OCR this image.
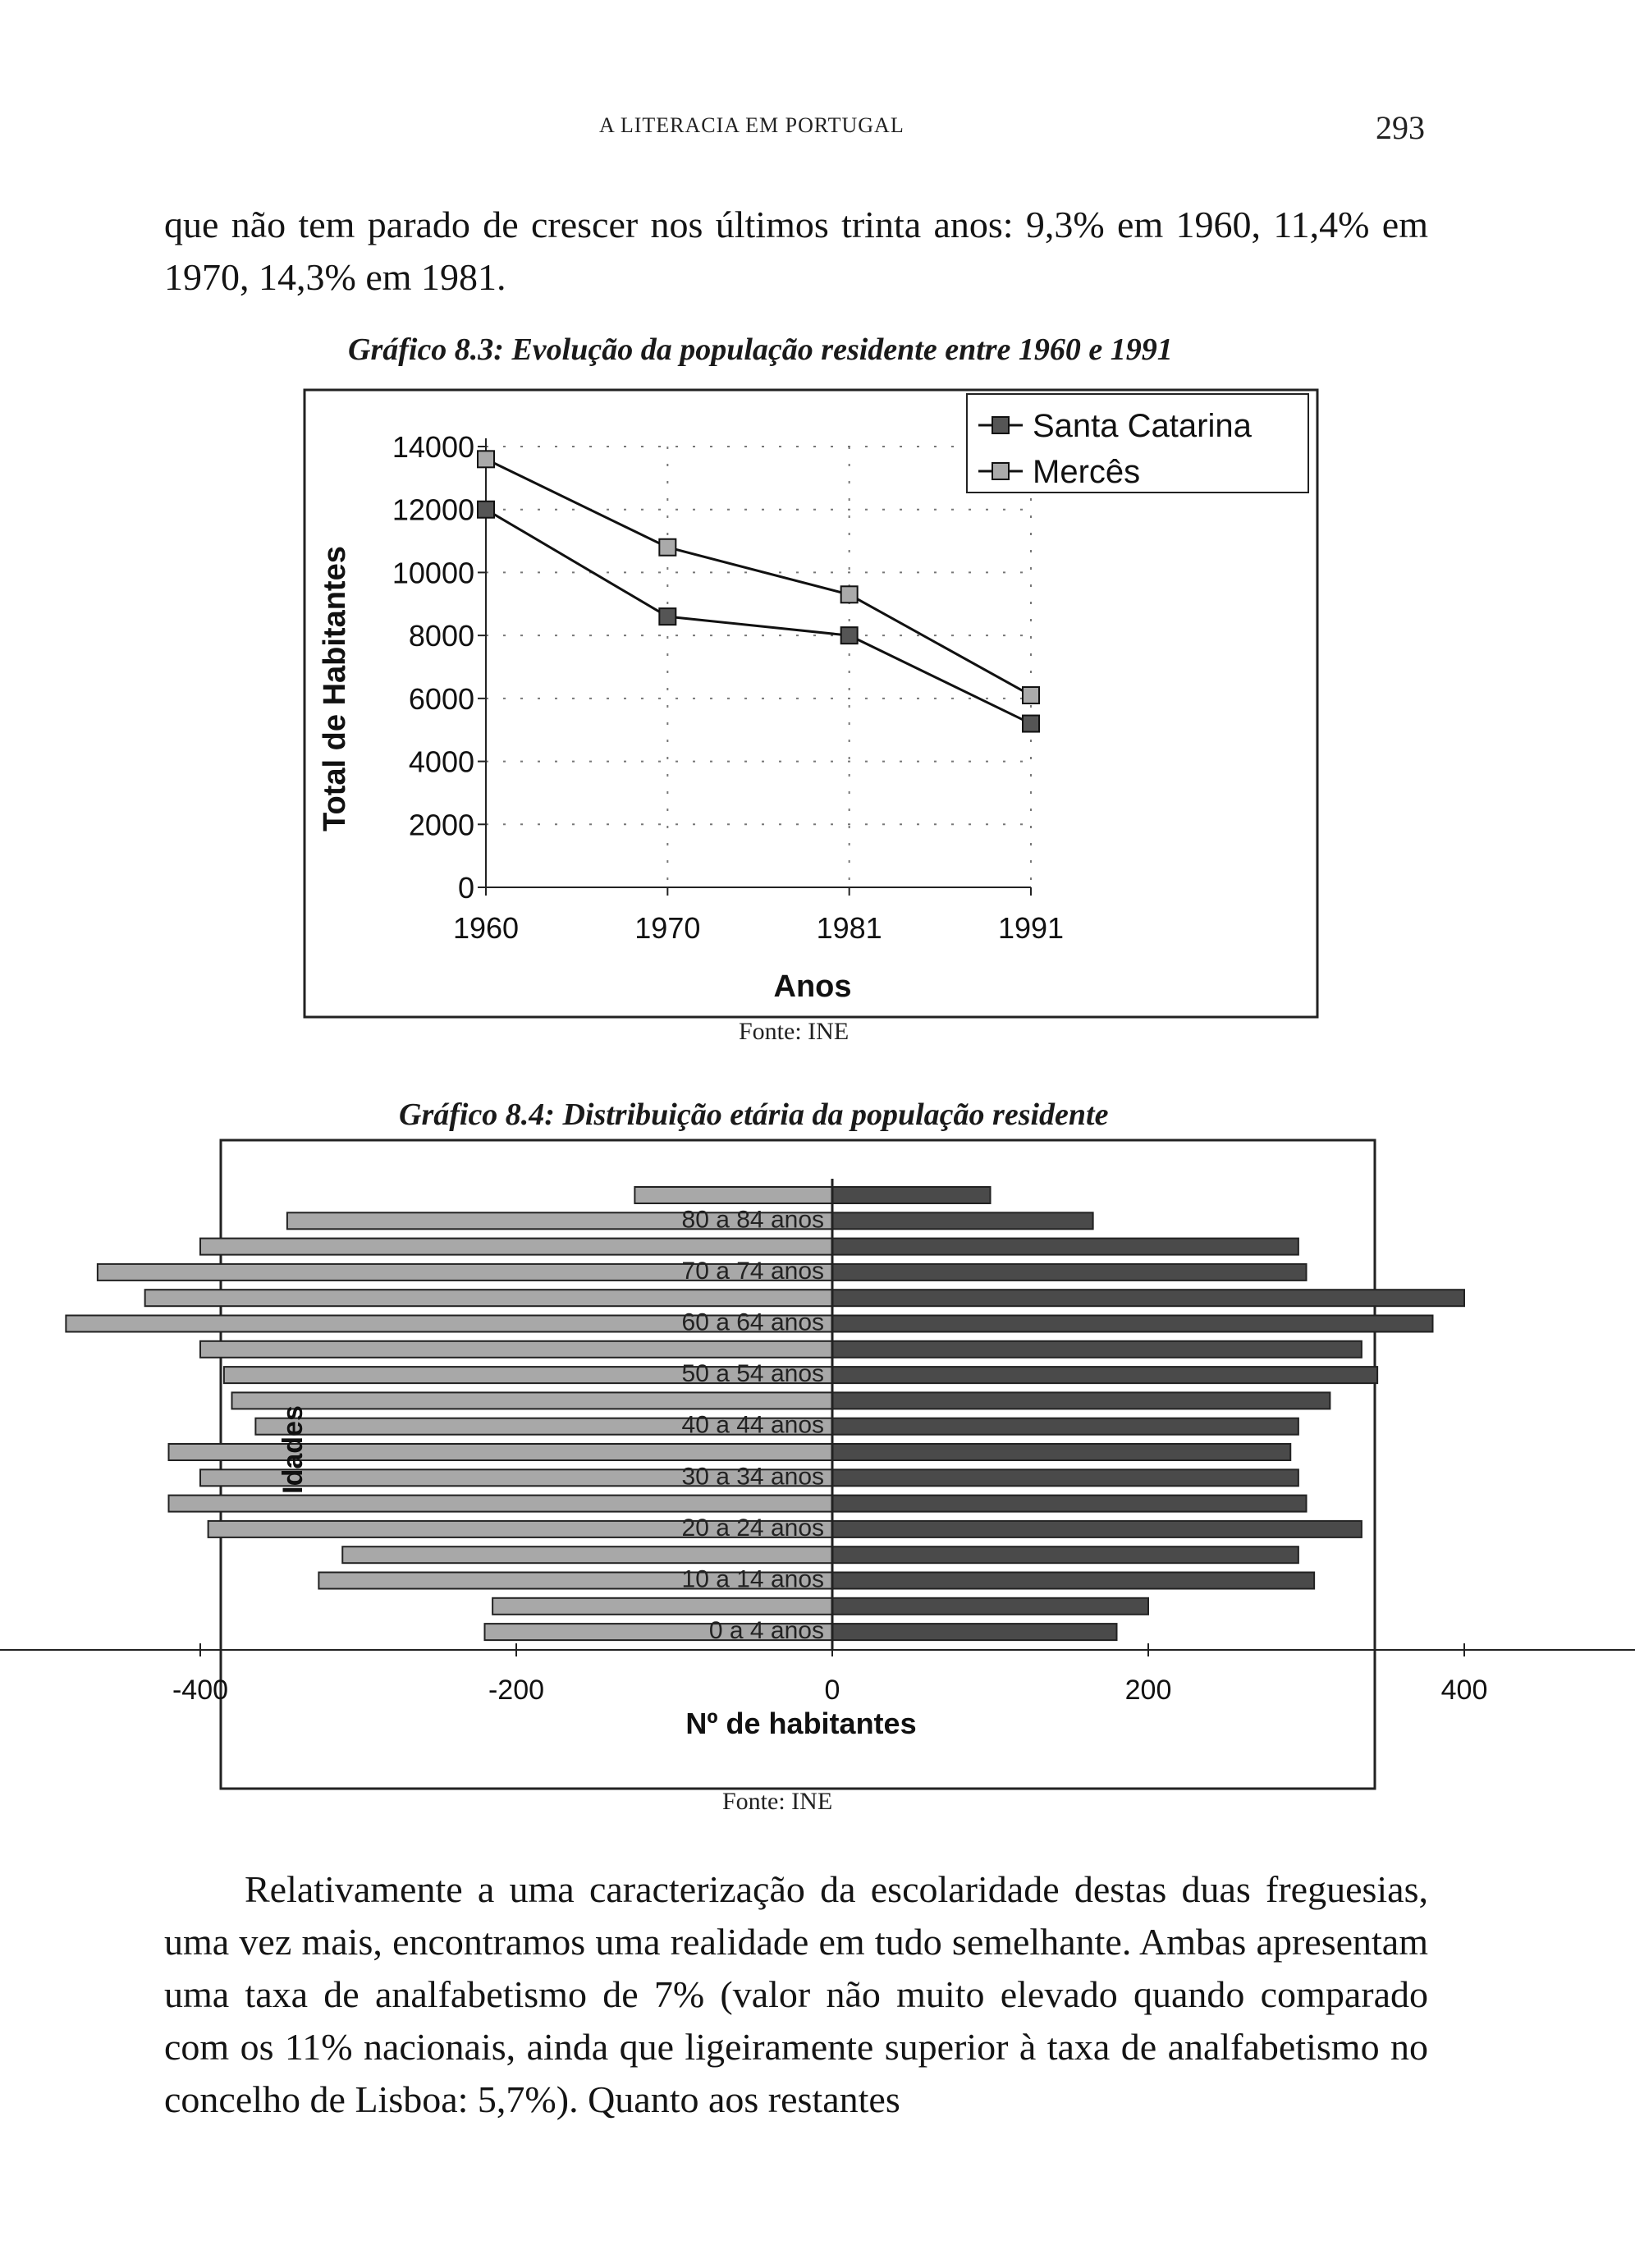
A LITERACIA EM PORTUGAL	293

que não tem parado de crescer nos últimos trinta anos: 9,3% em 1960, 11,4% em 1970, 14,3% em 1981.

Gráfico 8.3: Evolução da população residente entre 1960 e 1991
0
2000
4000
6000
8000
10000
12000
14000
1960	1970	1981	1991
Total de Habitantes
Anos
Santa Catarina
Mercês
Fonte: INE
Gráfico 8.4: Distribuição etária da população residente
0 a 4 anos
10 a 14 anos
20 a 24 anos
30 a 34 anos
40 a 44 anos
50 a 54 anos
60 a 64 anos
70 a 74 anos
80 a 84 anos
-400	-200	0	200	400
Idades
Nº de habitantes
Fonte: INE

Relativamente a uma caracterização da escolaridade destas duas freguesias, uma vez mais, encontramos uma realidade em tudo semelhante. Ambas apresentam uma taxa de analfabetismo de 7% (valor não muito elevado quando comparado com os 11% nacionais, ainda que ligeiramente superior à taxa de analfabetismo no concelho de Lisboa: 5,7%). Quanto aos restantes
